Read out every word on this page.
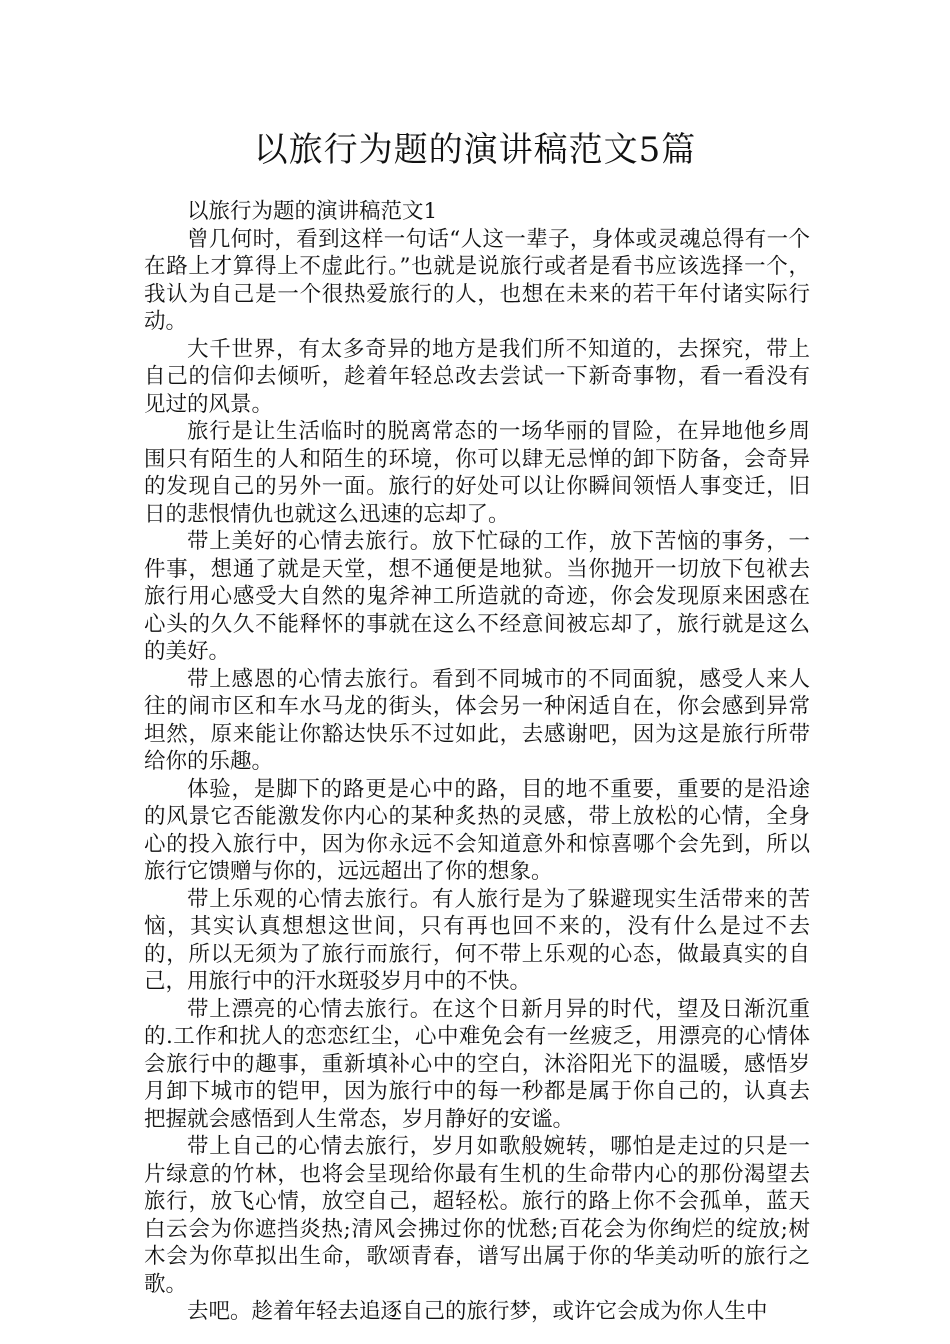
以旅行为题的演讲稿范文5篇

以旅行为题的演讲稿范文1

曾几何时，看到这样一句话“人这一辈子，身体或灵魂总得有一个在路上才算得上不虚此行。”也就是说旅行或者是看书应该选择一个，我认为自己是一个很热爱旅行的人，也想在未来的若干年付诸实际行动。

大千世界，有太多奇异的地方是我们所不知道的，去探究，带上自己的信仰去倾听，趁着年轻总改去尝试一下新奇事物，看一看没有见过的风景。

旅行是让生活临时的脱离常态的一场华丽的冒险，在异地他乡周围只有陌生的人和陌生的环境，你可以肆无忌惮的卸下防备，会奇异的发现自己的另外一面。旅行的好处可以让你瞬间领悟人事变迁，旧日的悲恨情仇也就这么迅速的忘却了。

带上美好的心情去旅行。放下忙碌的工作，放下苦恼的事务，一件事，想通了就是天堂，想不通便是地狱。当你抛开一切放下包袱去旅行用心感受大自然的鬼斧神工所造就的奇迹，你会发现原来困惑在心头的久久不能释怀的事就在这么不经意间被忘却了，旅行就是这么的美好。

带上感恩的心情去旅行。看到不同城市的不同面貌，感受人来人往的闹市区和车水马龙的街头，体会另一种闲适自在，你会感到异常坦然，原来能让你豁达快乐不过如此，去感谢吧，因为这是旅行所带给你的乐趣。

体验，是脚下的路更是心中的路，目的地不重要，重要的是沿途的风景它否能激发你内心的某种炙热的灵感，带上放松的心情，全身心的投入旅行中，因为你永远不会知道意外和惊喜哪个会先到，所以旅行它馈赠与你的，远远超出了你的想象。

带上乐观的心情去旅行。有人旅行是为了躲避现实生活带来的苦恼，其实认真想想这世间，只有再也回不来的，没有什么是过不去的，所以无须为了旅行而旅行，何不带上乐观的心态，做最真实的自己，用旅行中的汗水斑驳岁月中的不快。

带上漂亮的心情去旅行。在这个日新月异的时代，望及日渐沉重的.工作和扰人的恋恋红尘，心中难免会有一丝疲乏，用漂亮的心情体会旅行中的趣事，重新填补心中的空白，沐浴阳光下的温暖，感悟岁月卸下城市的铠甲，因为旅行中的每一秒都是属于你自己的，认真去把握就会感悟到人生常态，岁月静好的安谧。

带上自己的心情去旅行，岁月如歌般婉转，哪怕是走过的只是一片绿意的竹林，也将会呈现给你最有生机的生命带内心的那份渴望去旅行，放飞心情，放空自己，超轻松。旅行的路上你不会孤单，蓝天白云会为你遮挡炎热;清风会拂过你的忧愁;百花会为你绚烂的绽放;树木会为你草拟出生命，歌颂青春，谱写出属于你的华美动听的旅行之歌。

去吧。趁着年轻去追逐自己的旅行梦，或许它会成为你人生中
